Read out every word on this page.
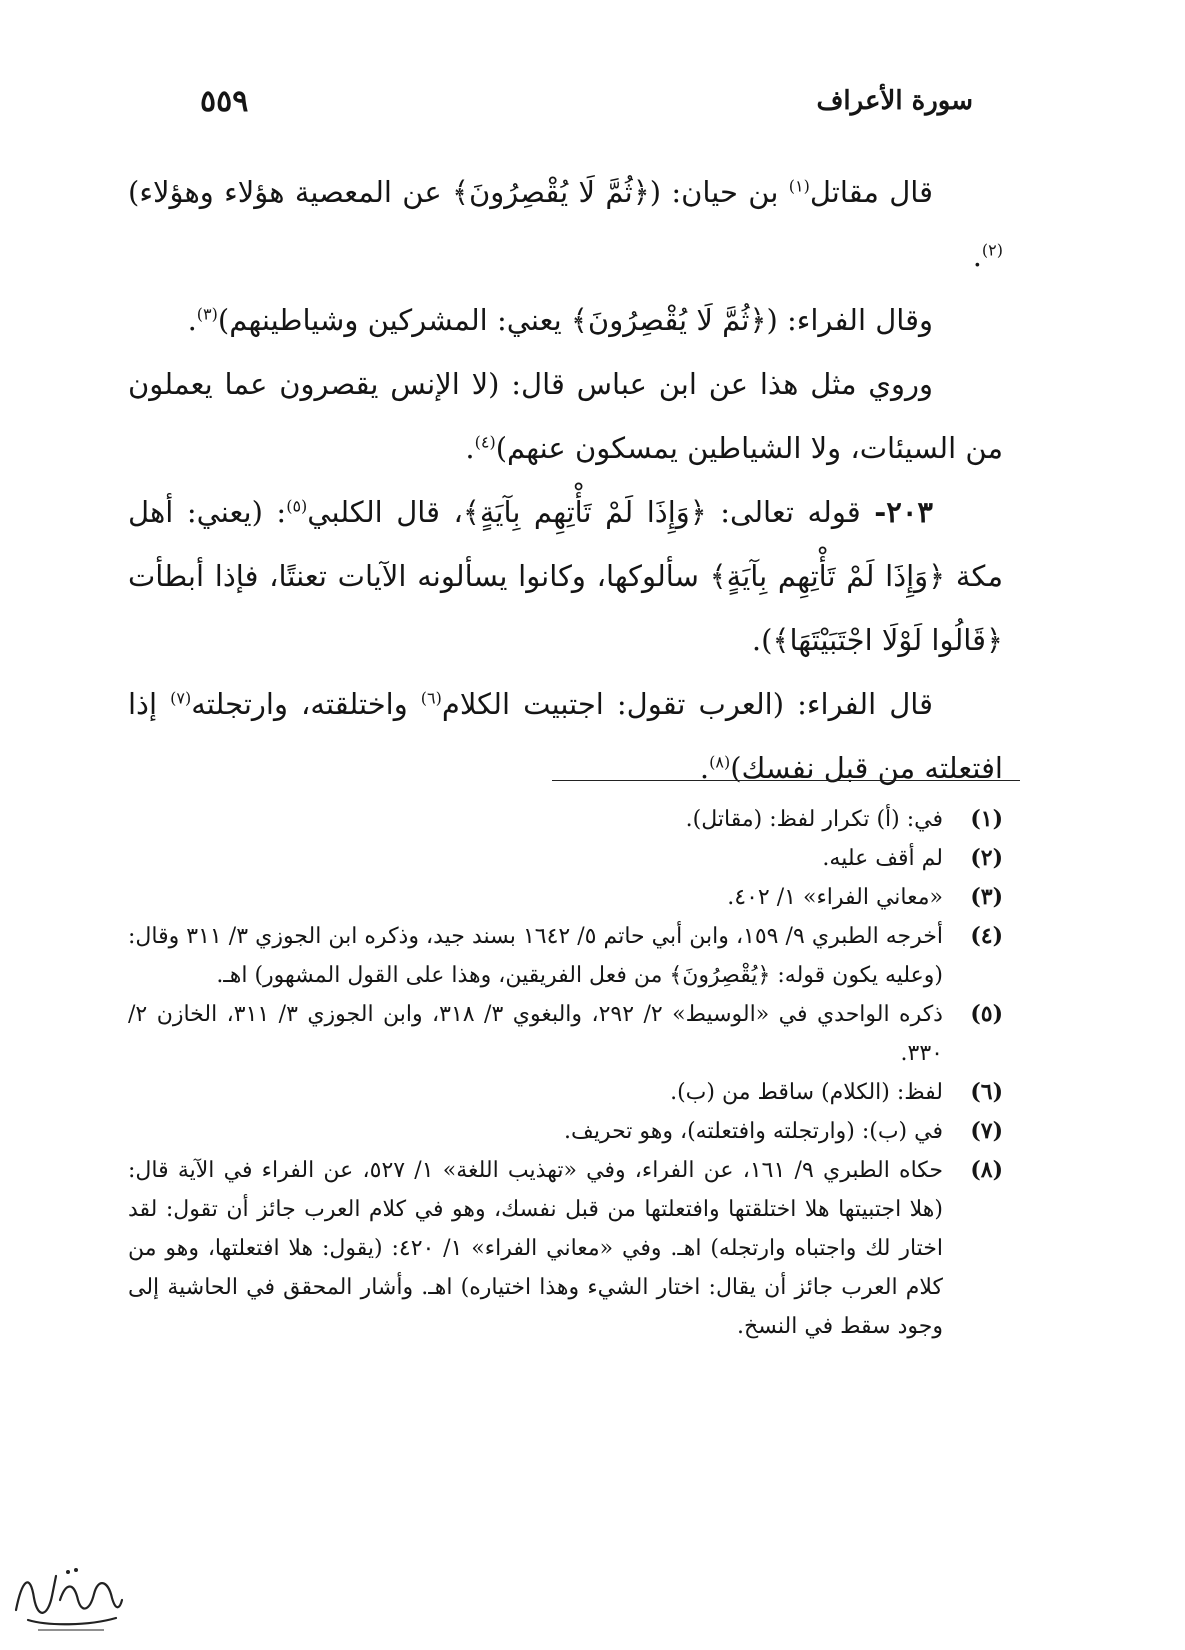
سورة الأعراف
٥٥٩

قال مقاتل$^{(١)}$ بن حيان: (﴿ثُمَّ لَا يُقْصِرُونَ﴾ عن المعصية هؤلاء وهؤلاء)$^{(٢)}$.

وقال الفراء: (﴿ثُمَّ لَا يُقْصِرُونَ﴾ يعني: المشركين وشياطينهم)$^{(٣)}$.

وروي مثل هذا عن ابن عباس قال: (لا الإنس يقصرون عما يعملون من السيئات، ولا الشياطين يمسكون عنهم)$^{(٤)}$.

٢٠٣- قوله تعالى: ﴿وَإِذَا لَمْ تَأْتِهِم بِآيَةٍ﴾، قال الكلبي$^{(٥)}$: (يعني: أهل مكة ﴿وَإِذَا لَمْ تَأْتِهِم بِآيَةٍ﴾ سألوكها، وكانوا يسألونه الآيات تعنتًا، فإذا أبطأت ﴿قَالُوا لَوْلَا اجْتَبَيْتَهَا﴾).

قال الفراء: (العرب تقول: اجتبيت الكلام$^{(٦)}$ واختلقته، وارتجلته$^{(٧)}$ إذا افتعلته من قبل نفسك)$^{(٨)}$.

(١)
في: (أ) تكرار لفظ: (مقاتل).

(٢)
لم أقف عليه.

(٣)
«معاني الفراء» ١/ ٤٠٢.

(٤)
أخرجه الطبري ٩/ ١٥٩، وابن أبي حاتم ٥/ ١٦٤٢ بسند جيد، وذكره ابن الجوزي ٣/ ٣١١ وقال: (وعليه يكون قوله: ﴿يُقْصِرُونَ﴾ من فعل الفريقين، وهذا على القول المشهور) اهـ.

(٥)
ذكره الواحدي في «الوسيط» ٢/ ٢٩٢، والبغوي ٣/ ٣١٨، وابن الجوزي ٣/ ٣١١، الخازن ٢/ ٣٣٠.

(٦)
لفظ: (الكلام) ساقط من (ب).

(٧)
في (ب): (وارتجلته وافتعلته)، وهو تحريف.

(٨)
حكاه الطبري ٩/ ١٦١، عن الفراء، وفي «تهذيب اللغة» ١/ ٥٢٧، عن الفراء في الآية قال: (هلا اجتبيتها هلا اختلقتها وافتعلتها من قبل نفسك، وهو في كلام العرب جائز أن تقول: لقد اختار لك واجتباه وارتجله) اهـ. وفي «معاني الفراء» ١/ ٤٢٠: (يقول: هلا افتعلتها، وهو من كلام العرب جائز أن يقال: اختار الشيء وهذا اختياره) اهـ. وأشار المحقق في الحاشية إلى وجود سقط في النسخ.
